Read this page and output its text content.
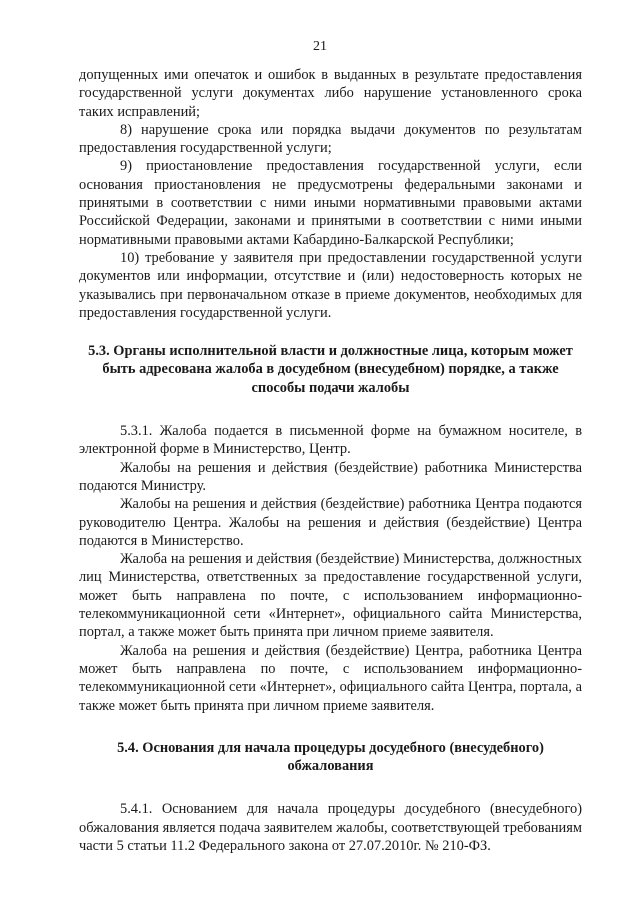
21

допущенных ими опечаток и ошибок в выданных в результате предоставления государственной услуги документах либо нарушение установленного срока таких исправлений;

8) нарушение срока или порядка выдачи документов по результатам предоставления государственной услуги;

9) приостановление предоставления государственной услуги, если основания приостановления не предусмотрены федеральными законами и принятыми в соответствии с ними иными нормативными правовыми актами Российской Федерации, законами и принятыми в соответствии с ними иными нормативными правовыми актами Кабардино-Балкарской Республики;

10) требование у заявителя при предоставлении государственной услуги документов или информации, отсутствие и (или) недостоверность которых не указывались при первоначальном отказе в приеме документов, необходимых для предоставления государственной услуги.

5.3. Органы исполнительной власти и должностные лица, которым может быть адресована жалоба в досудебном (внесудебном) порядке, а также способы подачи жалобы

5.3.1. Жалоба подается в письменной форме на бумажном носителе, в электронной форме в Министерство, Центр.

Жалобы на решения и действия (бездействие) работника Министерства подаются Министру.

Жалобы на решения и действия (бездействие) работника Центра подаются руководителю Центра. Жалобы на решения и действия (бездействие) Центра подаются в Министерство.

Жалоба на решения и действия (бездействие) Министерства, должностных лиц Министерства, ответственных за предоставление государственной услуги, может быть направлена по почте, с использованием информационно-телекоммуникационной сети «Интернет», официального сайта Министерства, портал, а также может быть принята при личном приеме заявителя.

Жалоба на решения и действия (бездействие) Центра, работника Центра может быть направлена по почте, с использованием информационно-телекоммуникационной сети «Интернет», официального сайта Центра, портала, а также может быть принята при личном приеме заявителя.

5.4. Основания для начала процедуры досудебного (внесудебного) обжалования

5.4.1. Основанием для начала процедуры досудебного (внесудебного) обжалования является подача заявителем жалобы, соответствующей требованиям части 5 статьи 11.2 Федерального закона от 27.07.2010г. № 210-ФЗ.
